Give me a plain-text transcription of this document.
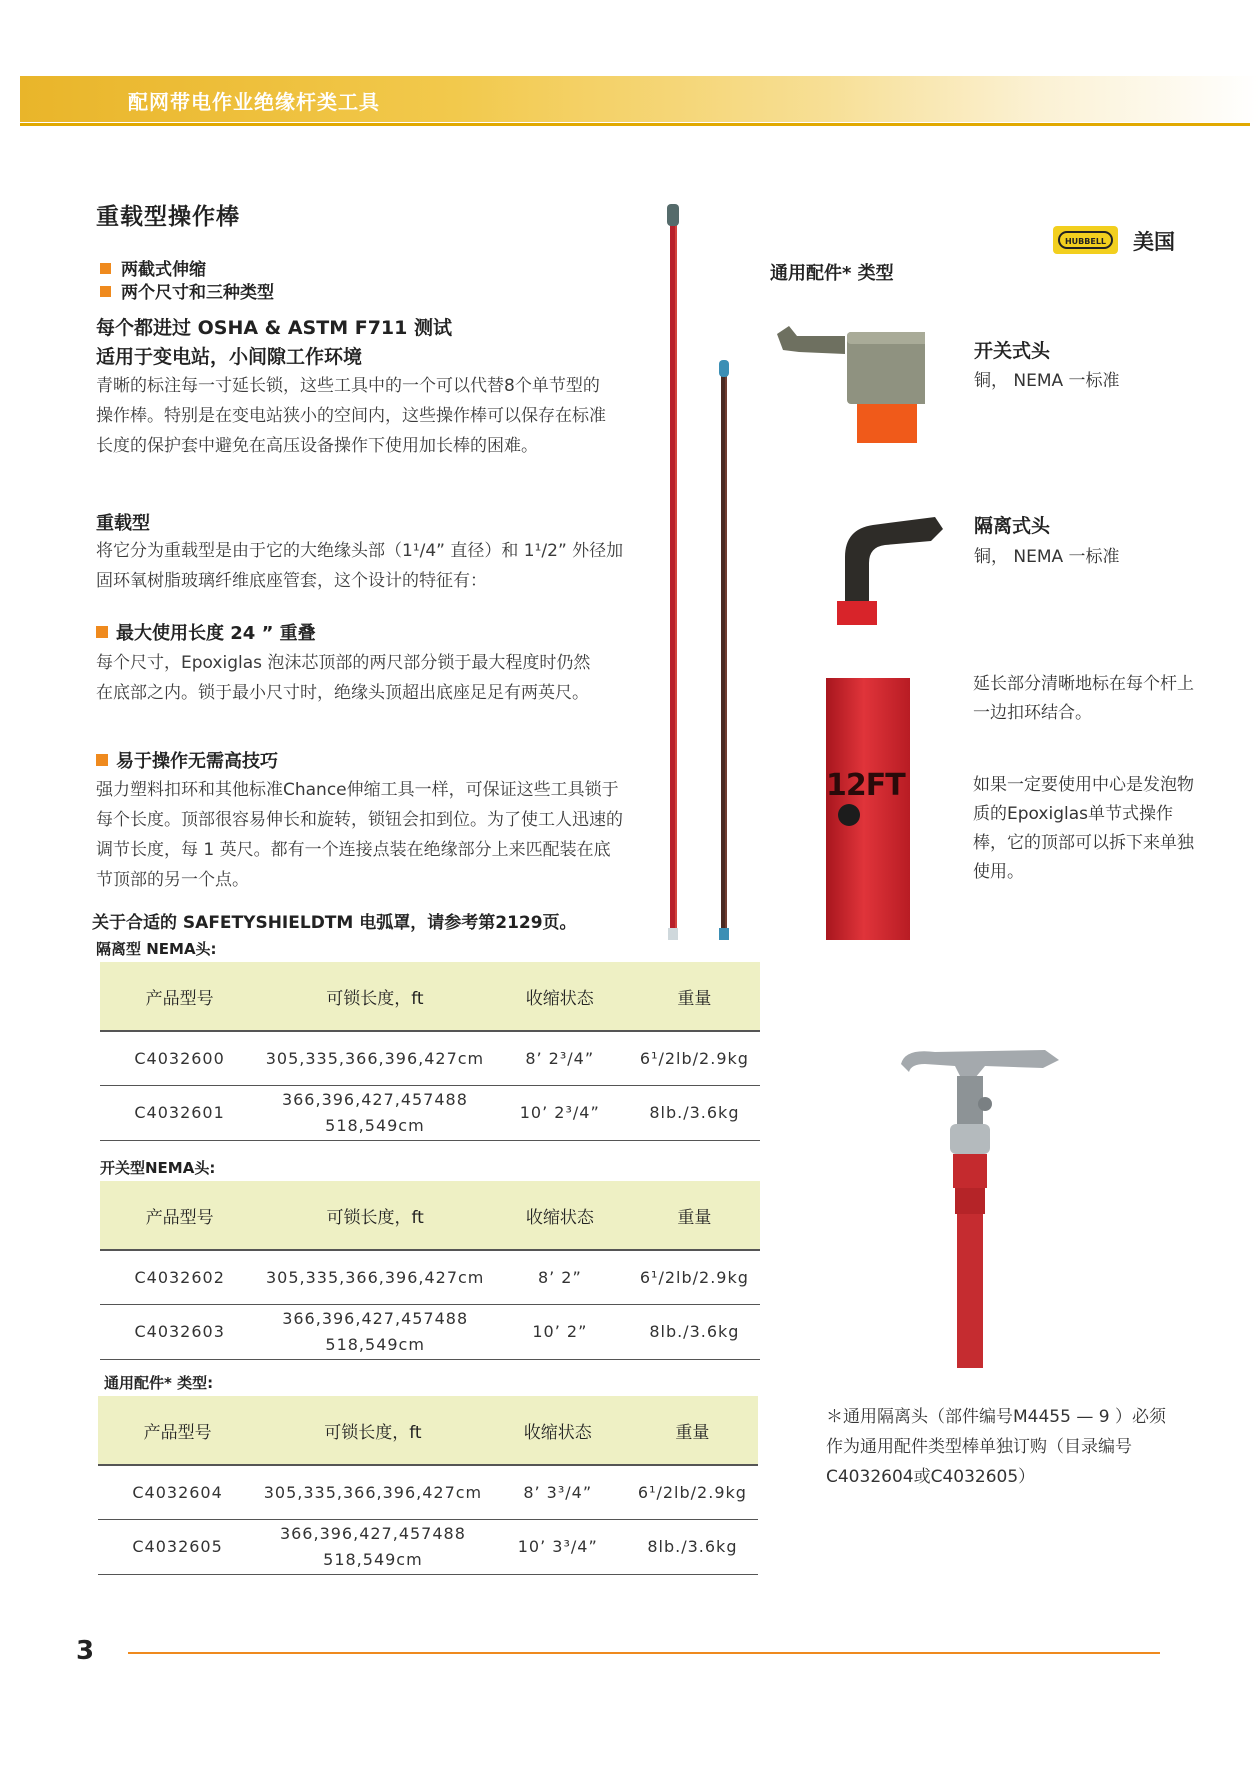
配网带电作业绝缘杆类工具
重载型操作棒
两截式伸缩
两个尺寸和三种类型
每个都进过 OSHA & ASTM F711 测试
适用于变电站，小间隙工作环境
青晰的标注每一寸延长锁，这些工具中的一个可以代替8个单节型的操作棒。特别是在变电站狭小的空间内，这些操作棒可以保存在标准长度的保护套中避免在高压设备操作下使用加长棒的困难。
重载型
将它分为重载型是由于它的大绝缘头部（1¹/4” 直径）和 1¹/2” 外径加固环氧树脂玻璃纤维底座管套，这个设计的特征有：
最大使用长度 24 ” 重叠
每个尺寸，Epoxiglas 泡沫芯顶部的两尺部分锁于最大程度时仍然在底部之内。锁于最小尺寸时，绝缘头顶超出底座足足有两英尺。
易于操作无需高技巧
强力塑料扣环和其他标准Chance伸缩工具一样，可保证这些工具锁于每个长度。顶部很容易伸长和旋转，锁钮会扣到位。为了使工人迅速的调节长度，每 1 英尺。都有一个连接点装在绝缘部分上来匹配装在底节顶部的另一个点。
关于合适的 SAFETYSHIELDTM 电弧罩，请参考第2129页。
隔离型 NEMA头:
产品型号	可锁长度，ft	收缩状态	重量
C4032600	305,335,366,396,427cm	8’ 2³/4”	6¹/2lb/2.9kg
C4032601	366,396,427,457488
518,549cm	10’ 2³/4”	8lb./3.6kg
开关型NEMA头:
产品型号	可锁长度，ft	收缩状态	重量
C4032602	305,335,366,396,427cm	8’ 2”	6¹/2lb/2.9kg
C4032603	366,396,427,457488
518,549cm	10’ 2”	8lb./3.6kg
通用配件* 类型:
产品型号	可锁长度，ft	收缩状态	重量
C4032604	305,335,366,396,427cm	8’ 3³/4”	6¹/2lb/2.9kg
C4032605	366,396,427,457488
518,549cm	10’ 3³/4”	8lb./3.6kg
HUBBELL	美国
通用配件* 类型
开关式头
铜， NEMA 一标准
隔离式头
铜， NEMA 一标准
12FT
延长部分清晰地标在每个杆上一边扣环结合。
如果一定要使用中心是发泡物质的Epoxiglas单节式操作棒，它的顶部可以拆下来单独使用。
＊通用隔离头（部件编号M4455 — 9 ）必须作为通用配件类型棒单独订购（目录编号C4032604或C4032605）
3
